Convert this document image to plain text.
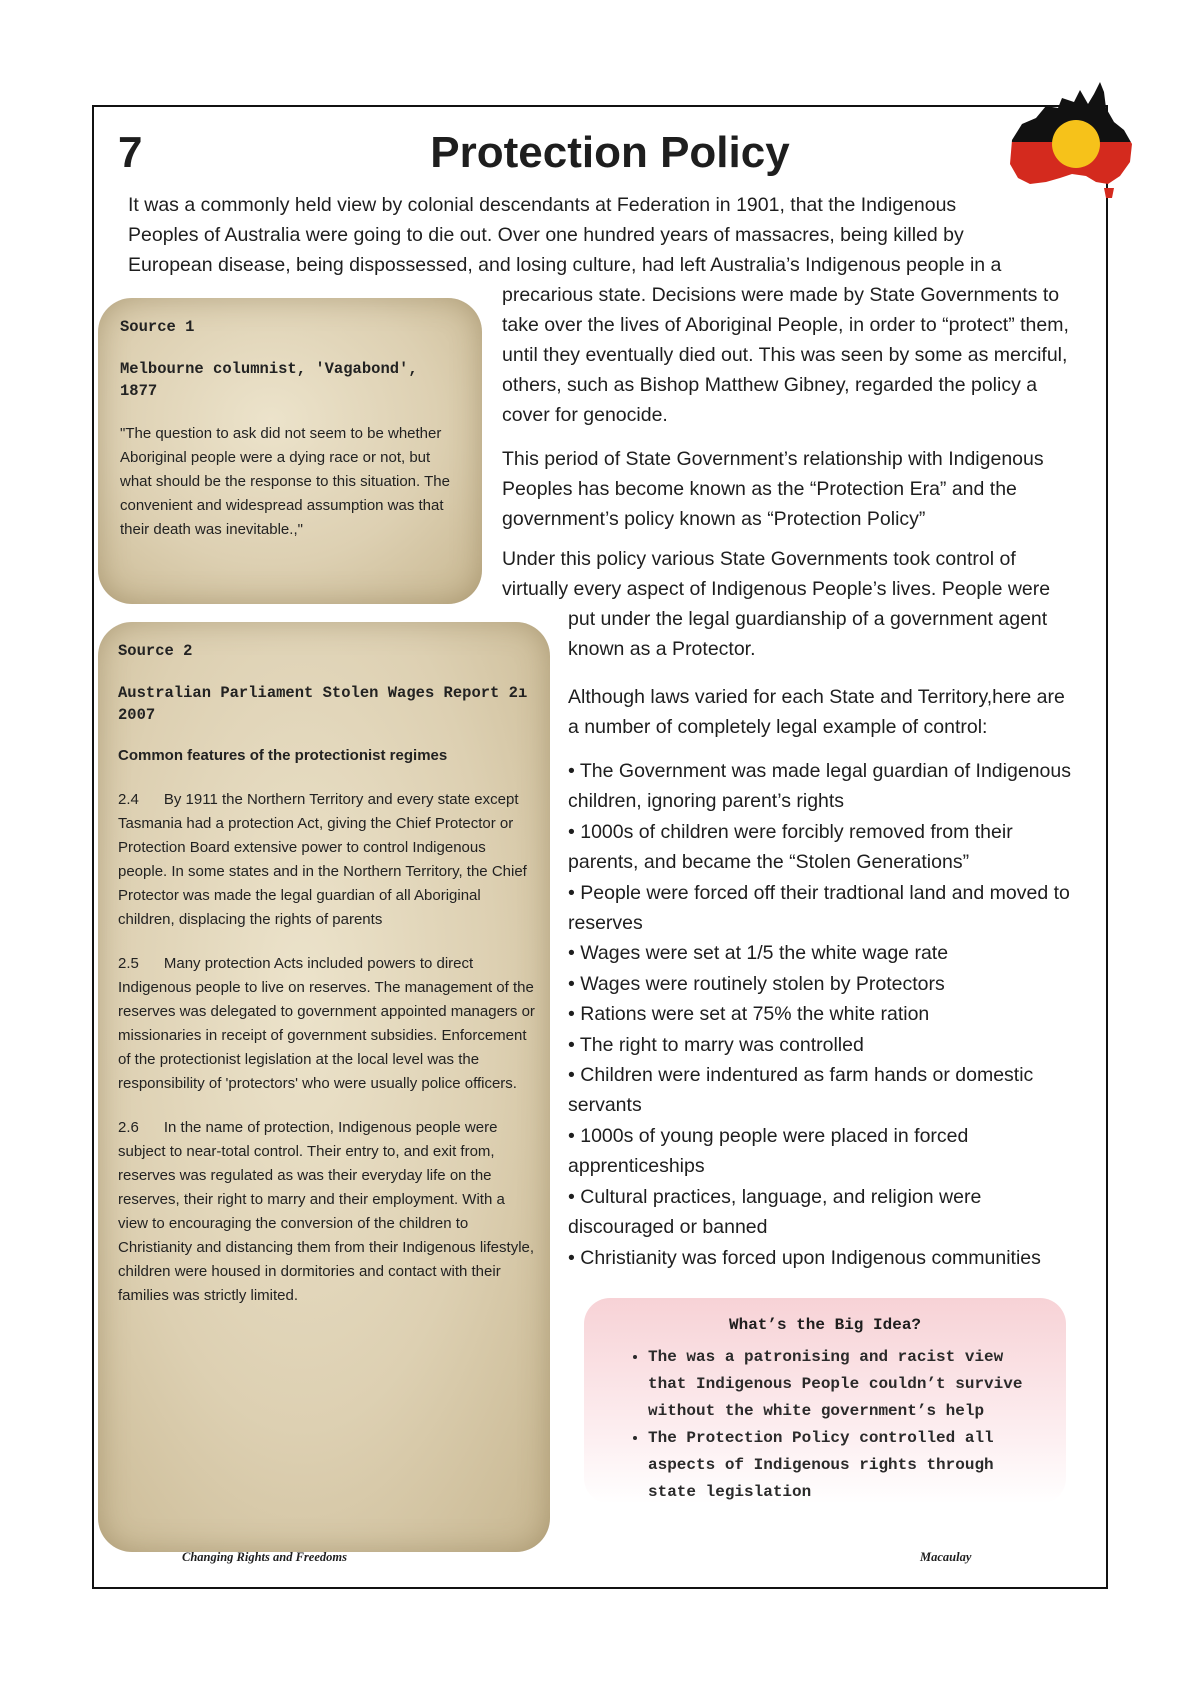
7	Protection Policy
It was a commonly held view by colonial descendants at Federation in 1901, that the Indigenous
Peoples of Australia were going to die out. Over one hundred years of massacres, being killed by
European disease, being dispossessed, and losing culture, had left Australia’s Indigenous people in a

precarious state. Decisions were made by State Governments to take over the lives of Aboriginal People, in order to “protect” them, until they eventually died out. This was seen by some as merciful, others, such as Bishop Matthew Gibney, regarded the policy a cover for genocide.

This period of State Government’s relationship with Indigenous Peoples has become known as the “Protection Era” and the government’s policy known as “Protection Policy”

Under this policy various State Governments took control of virtually every aspect of Indigenous People’s lives. People were
put under the legal guardianship of a government agent known as a Protector.
Although laws varied for each State and Territory,here are a number of completely legal example of control:
• The Government was made legal guardian of Indigenous children, ignoring parent’s rights
• 1000s of children were forcibly removed from their parents, and became the “Stolen Generations”
• People were forced off their tradtional land and moved to reserves
• Wages were set at 1/5 the white wage rate
• Wages were routinely stolen by Protectors
• Rations were set at 75% the white ration
• The right to marry was controlled
• Children were indentured as farm hands or domestic servants
• 1000s of young people were placed in forced apprenticeships
• Cultural practices, language, and religion were discouraged or banned
• Christianity was forced upon Indigenous communities
Source 1
Melbourne columnist, 'Vagabond', 1877
"The question to ask did not seem to be whether Aboriginal people were a dying race or not, but what should be the response to this situation. The convenient and widespread assumption was that their death was inevitable.,"
Source 2
Australian Parliament Stolen Wages Report 2ı 2007
Common features of the protectionist regimes
2.4      By 1911 the Northern Territory and every state except Tasmania had a protection Act, giving the Chief Protector or Protection Board extensive power to control Indigenous people. In some states and in the Northern Territory, the Chief Protector was made the legal guardian of all Aboriginal children, displacing the rights of parents
2.5      Many protection Acts included powers to direct Indigenous people to live on reserves. The management of the reserves was delegated to government appointed managers or missionaries in receipt of government subsidies. Enforcement of the protectionist legislation at the local level was the responsibility of 'protectors' who were usually police officers.
2.6      In the name of protection, Indigenous people were subject to near-total control. Their entry to, and exit from, reserves was regulated as was their everyday life on the reserves, their right to marry and their employment. With a view to encouraging the conversion of the children to Christianity and distancing them from their Indigenous lifestyle, children were housed in dormitories and contact with their families was strictly limited.
What’s the Big Idea?
• The was a patronising and racist view that Indigenous People couldn’t survive without the white government’s help
• The Protection Policy controlled all aspects of Indigenous rights through state legislation
Changing Rights and Freedoms	Macaulay
